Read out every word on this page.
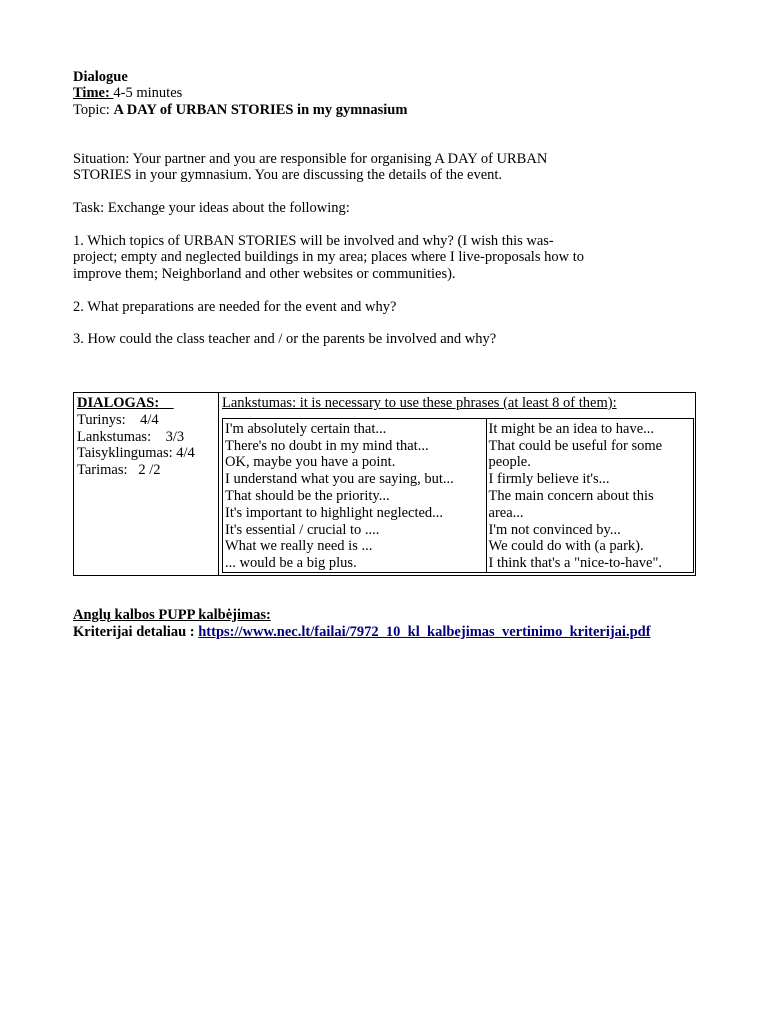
Dialogue
Time: 4-5 minutes
Topic: A DAY of URBAN STORIES in my gymnasium
Situation: Your partner and you are responsible for organising A DAY of URBAN
STORIES in your gymnasium. You are discussing the details of the event.
Task: Exchange your ideas about the following:
1. Which topics of URBAN STORIES will be involved and why? (I wish this was-
project; empty and neglected buildings in my area; places where I live-proposals how to
improve them; Neighborland and other websites or communities).
2. What preparations are needed for the event and why?
3. How could the class teacher and / or the parents be involved and why?
DIALOGAS:
Turinys:    4/4
Lankstumas:    3/3
Taisyklingumas: 4/4
Tarimas:   2 /2

Lankstumas: it is necessary to use these phrases (at least 8 of them):
I'm absolutely certain that...
There's no doubt in my mind that...
OK, maybe you have a point.
I understand what you are saying, but...
That should be the priority...
It's important to highlight neglected...
It's essential / crucial to ....
What we really need is ...
... would be a big plus.

It might be an idea to have...
That could be useful for some
people.
I firmly believe it's...
The main concern about this
area...
I'm not convinced by...
We could do with (a park).
I think that's a "nice-to-have".
Anglų kalbos PUPP kalbėjimas:
Kriterijai detaliau : https://www.nec.lt/failai/7972_10_kl_kalbejimas_vertinimo_kriterijai.pdf
